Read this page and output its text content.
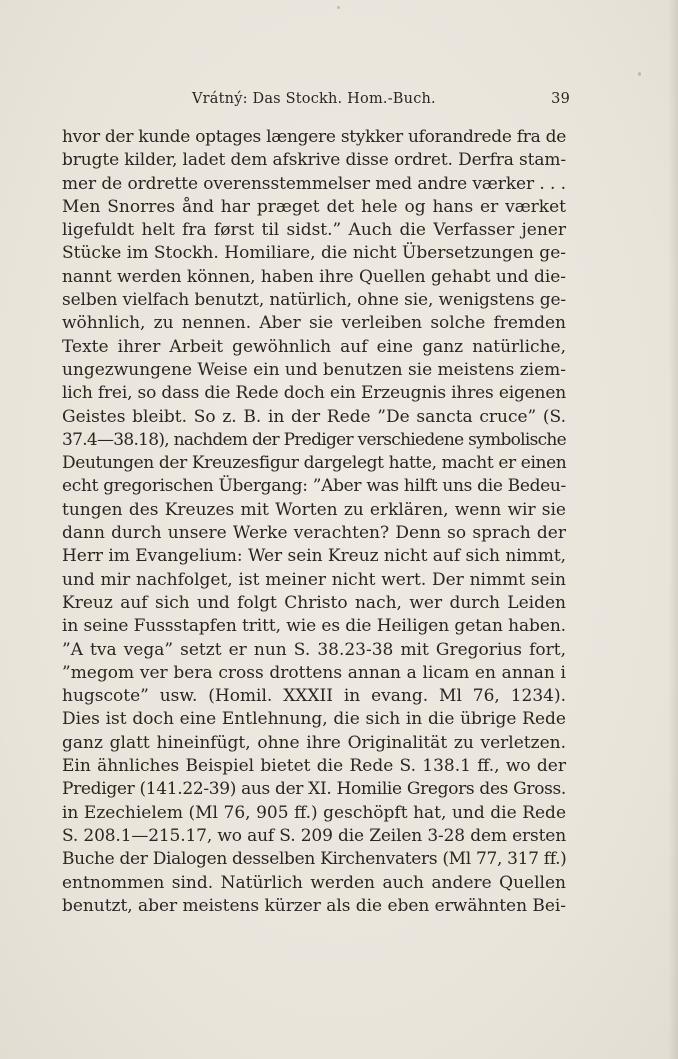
Vrátný: Das Stockh. Hom.-Buch.	39
hvor der kunde optages længere stykker uforandrede fra de
brugte kilder, ladet dem afskrive disse ordret. Derfra stam-
mer de ordrette overensstemmelser med andre værker . . .
Men Snorres ånd har præget det hele og hans er værket
ligefuldt helt fra først til sidst.” Auch die Verfasser jener
Stücke im Stockh. Homiliare, die nicht Übersetzungen ge-
nannt werden können, haben ihre Quellen gehabt und die-
selben vielfach benutzt, natürlich, ohne sie, wenigstens ge-
wöhnlich, zu nennen. Aber sie verleiben solche fremden
Texte ihrer Arbeit gewöhnlich auf eine ganz natürliche,
ungezwungene Weise ein und benutzen sie meistens ziem-
lich frei, so dass die Rede doch ein Erzeugnis ihres eigenen
Geistes bleibt. So z. B. in der Rede ”De sancta cruce” (S.
37.4—38.18), nachdem der Prediger verschiedene symbolische
Deutungen der Kreuzesfigur dargelegt hatte, macht er einen
echt gregorischen Übergang: ”Aber was hilft uns die Bedeu-
tungen des Kreuzes mit Worten zu erklären, wenn wir sie
dann durch unsere Werke verachten? Denn so sprach der
Herr im Evangelium: Wer sein Kreuz nicht auf sich nimmt,
und mir nachfolget, ist meiner nicht wert. Der nimmt sein
Kreuz auf sich und folgt Christo nach, wer durch Leiden
in seine Fussstapfen tritt, wie es die Heiligen getan haben.
”A tva vega” setzt er nun S. 38.23-38 mit Gregorius fort,
”megom ver bera cross drottens annan a licam en annan i
hugscote” usw. (Homil. XXXII in evang. Ml 76, 1234).
Dies ist doch eine Entlehnung, die sich in die übrige Rede
ganz glatt hineinfügt, ohne ihre Originalität zu verletzen.
Ein ähnliches Beispiel bietet die Rede S. 138.1 ff., wo der
Prediger (141.22-39) aus der XI. Homilie Gregors des Gross.
in Ezechielem (Ml 76, 905 ff.) geschöpft hat, und die Rede
S. 208.1—215.17, wo auf S. 209 die Zeilen 3-28 dem ersten
Buche der Dialogen desselben Kirchenvaters (Ml 77, 317 ff.)
entnommen sind. Natürlich werden auch andere Quellen
benutzt, aber meistens kürzer als die eben erwähnten Bei-
